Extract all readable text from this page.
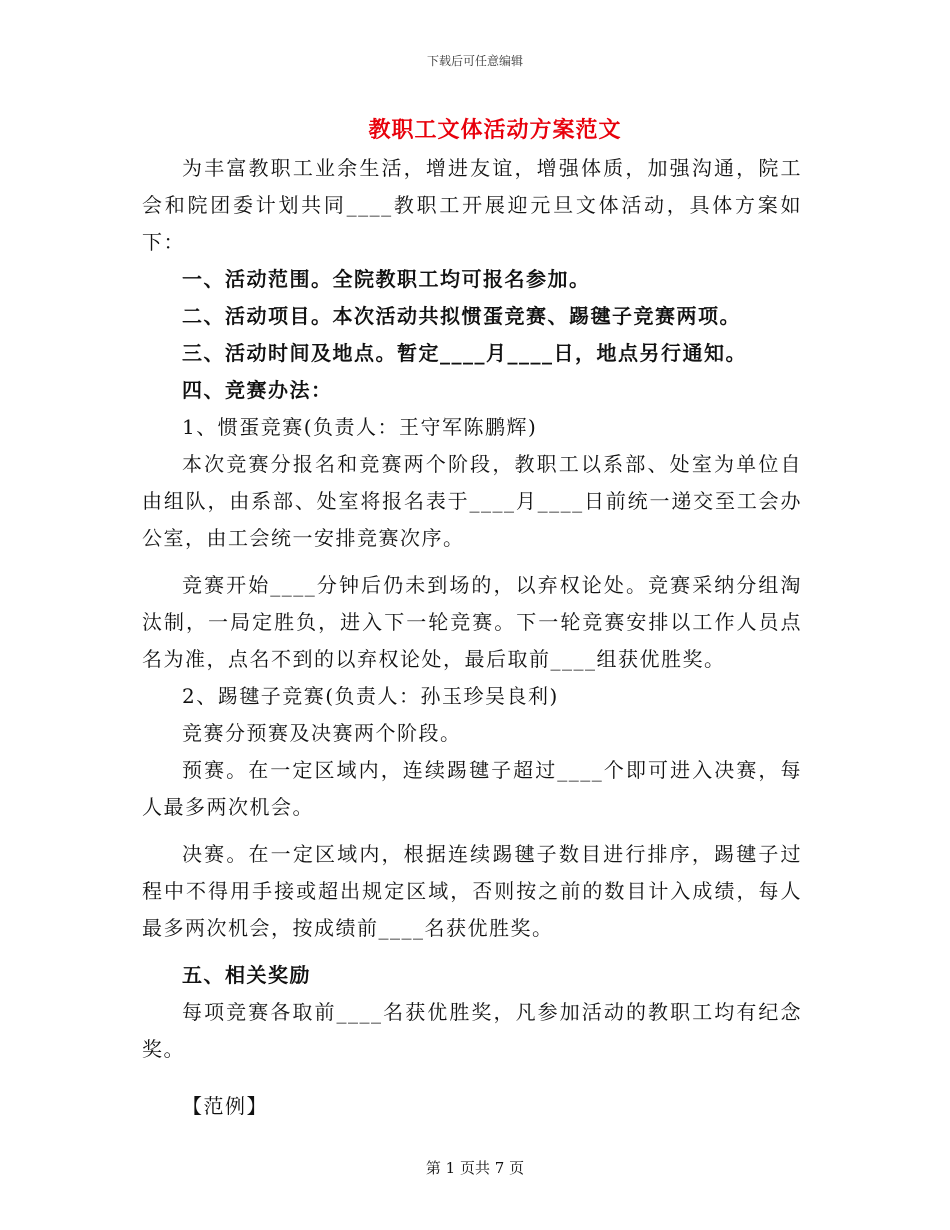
下载后可任意编辑
教职工文体活动方案范文

为丰富教职工业余生活，增进友谊，增强体质，加强沟通，院工会和院团委计划共同____教职工开展迎元旦文体活动，具体方案如下：

一、活动范围。全院教职工均可报名参加。

二、活动项目。本次活动共拟惯蛋竞赛、踢毽子竞赛两项。

三、活动时间及地点。暂定____月____日，地点另行通知。

四、竞赛办法：

1、惯蛋竞赛(负责人：王守军陈鹏辉)

本次竞赛分报名和竞赛两个阶段，教职工以系部、处室为单位自由组队，由系部、处室将报名表于____月____日前统一递交至工会办公室，由工会统一安排竞赛次序。

竞赛开始____分钟后仍未到场的，以弃权论处。竞赛采纳分组淘汰制，一局定胜负，进入下一轮竞赛。下一轮竞赛安排以工作人员点名为准，点名不到的以弃权论处，最后取前____组获优胜奖。

2、踢毽子竞赛(负责人：孙玉珍吴良利)

竞赛分预赛及决赛两个阶段。

预赛。在一定区域内，连续踢毽子超过____个即可进入决赛，每人最多两次机会。

决赛。在一定区域内，根据连续踢毽子数目进行排序，踢毽子过程中不得用手接或超出规定区域，否则按之前的数目计入成绩，每人最多两次机会，按成绩前____名获优胜奖。

五、相关奖励

每项竞赛各取前____名获优胜奖，凡参加活动的教职工均有纪念奖。

【范例】

第 1 页共 7 页
